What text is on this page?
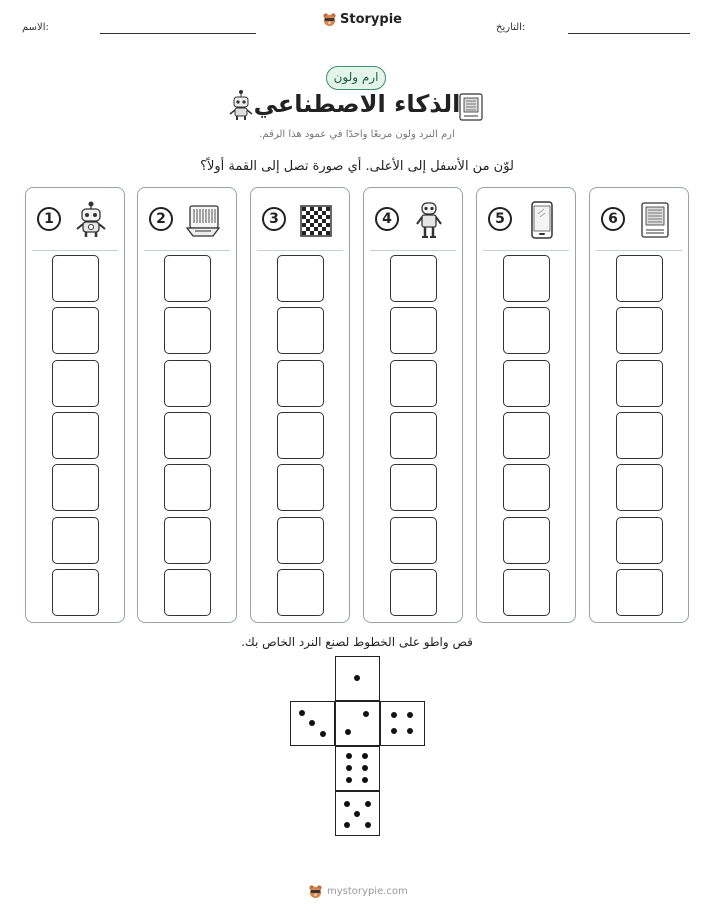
الاسم:	التاريخ:
Storypie
ارم ولون
الذكاء الاصطناعي
ارم النرد ولون مربعًا واحدًا في عمود هذا الرقم.
لوّن من الأسفل إلى الأعلى. أي صورة تصل إلى القمة أولاً؟
1	2	3	4	5	6
قص واطو على الخطوط لصنع النرد الخاص بك.
mystorypie.com
